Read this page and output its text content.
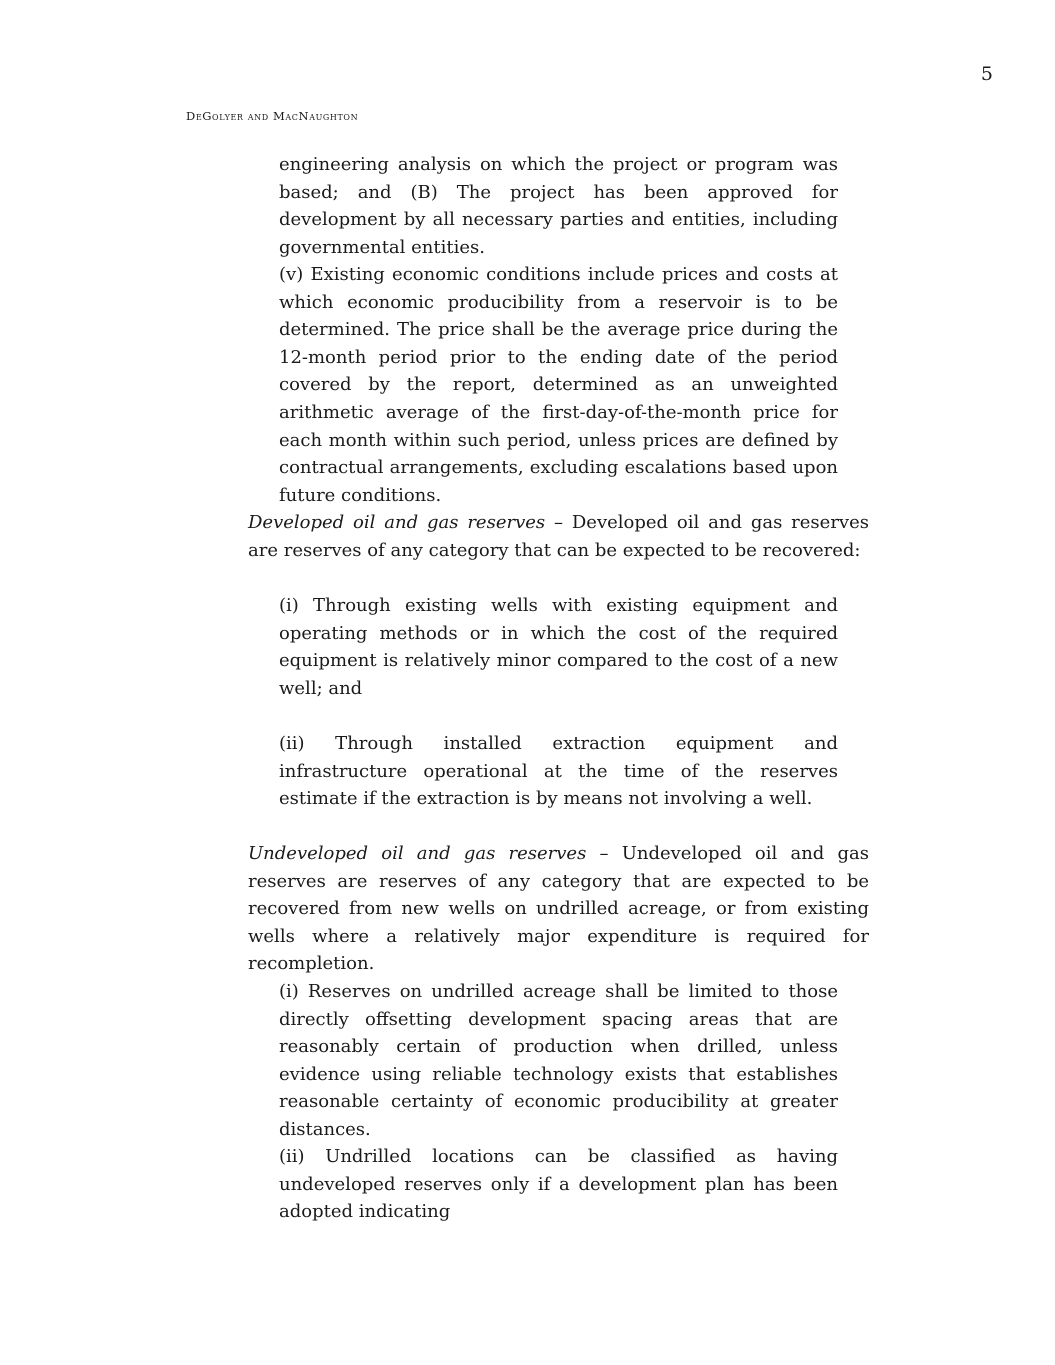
5
DeGolyer and MacNaughton

engineering analysis on which the project or program was based; and (B) The project has been approved for development by all necessary parties and entities, including governmental entities.

(v) Existing economic conditions include prices and costs at which economic producibility from a reservoir is to be determined. The price shall be the average price during the 12-month period prior to the ending date of the period covered by the report, determined as an unweighted arithmetic average of the first-day-of-the-month price for each month within such period, unless prices are defined by contractual arrangements, excluding escalations based upon future conditions.

Developed oil and gas reserves – Developed oil and gas reserves are reserves of any category that can be expected to be recovered:

(i) Through existing wells with existing equipment and operating methods or in which the cost of the required equipment is relatively minor compared to the cost of a new well; and

(ii) Through installed extraction equipment and infrastructure operational at the time of the reserves estimate if the extraction is by means not involving a well.

Undeveloped oil and gas reserves – Undeveloped oil and gas reserves are reserves of any category that are expected to be recovered from new wells on undrilled acreage, or from existing wells where a relatively major expenditure is required for recompletion.

(i) Reserves on undrilled acreage shall be limited to those directly offsetting development spacing areas that are reasonably certain of production when drilled, unless evidence using reliable technology exists that establishes reasonable certainty of economic producibility at greater distances.

(ii) Undrilled locations can be classified as having undeveloped reserves only if a development plan has been adopted indicating
